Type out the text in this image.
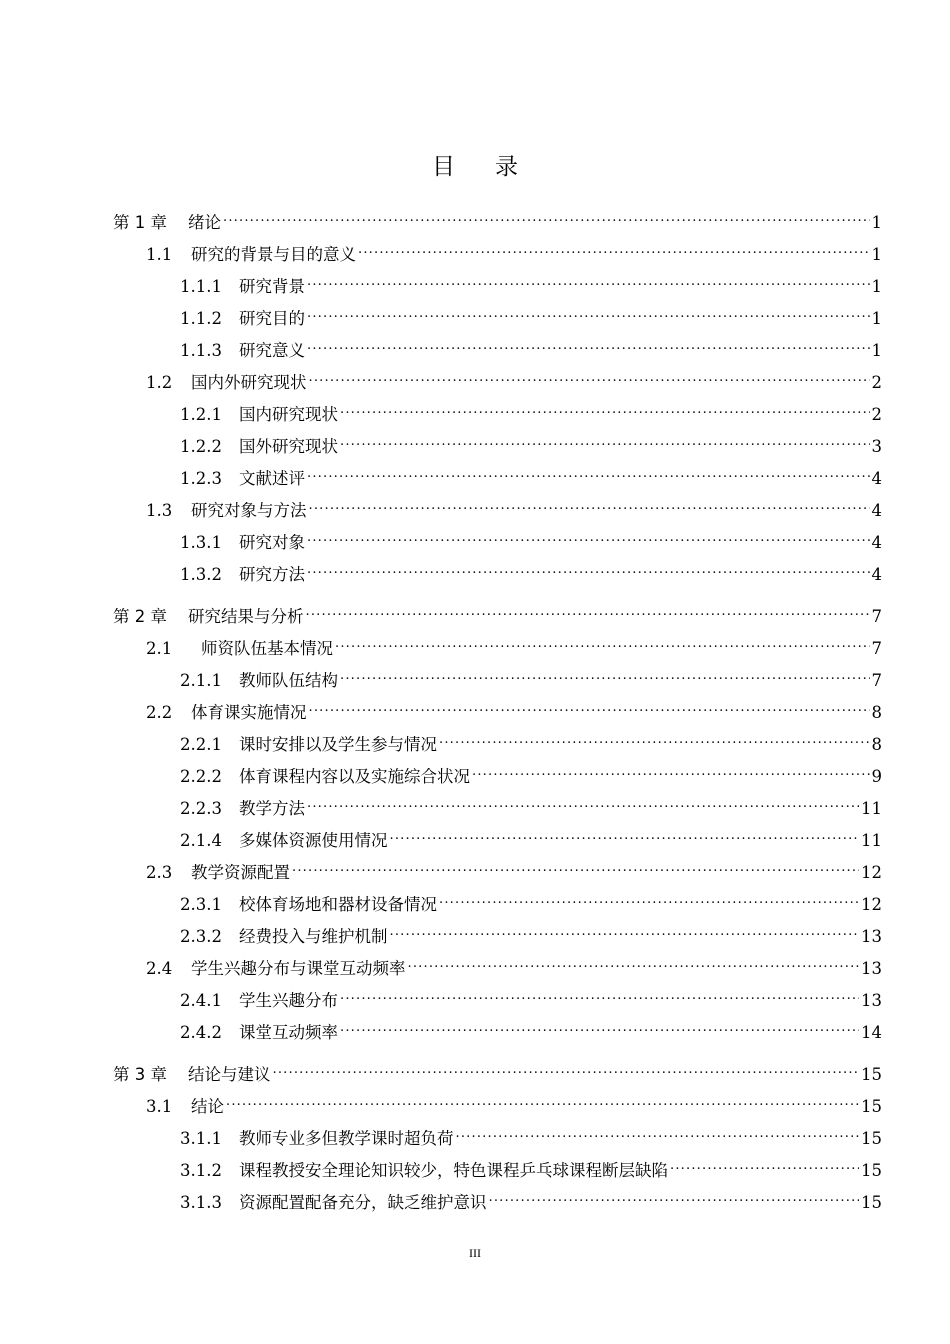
目 录
第 1 章	绪论 .....	1
1.1	研究的背景与目的意义 .....	1
1.1.1	研究背景 .....	1
1.1.2	研究目的 .....	1
1.1.3	研究意义 .....	1
1.2	国内外研究现状 .....	2
1.2.1	国内研究现状 .....	2
1.2.2	国外研究现状 .....	3
1.2.3	文献述评 .....	4
1.3	研究对象与方法 .....	4
1.3.1	研究对象 .....	4
1.3.2	研究方法 .....	4
第 2 章	研究结果与分析 .....	7
2.1	师资队伍基本情况 .....	7
2.1.1	教师队伍结构 .....	7
2.2	体育课实施情况 .....	8
2.2.1	课时安排以及学生参与情况 .....	8
2.2.2	体育课程内容以及实施综合状况 .....	9
2.2.3	教学方法 .....	11
2.1.4	多媒体资源使用情况 .....	11
2.3	教学资源配置 .....	12
2.3.1	校体育场地和器材设备情况 .....	12
2.3.2	经费投入与维护机制 .....	13
2.4	学生兴趣分布与课堂互动频率 .....	13
2.4.1	学生兴趣分布 .....	13
2.4.2	课堂互动频率 .....	14
第 3 章	结论与建议 .....	15
3.1	结论 .....	15
3.1.1	教师专业多但教学课时超负荷 .....	15
3.1.2	课程教授安全理论知识较少，特色课程乒乓球课程断层缺陷 .....	15
3.1.3	资源配置配备充分，缺乏维护意识 .....	15
III
